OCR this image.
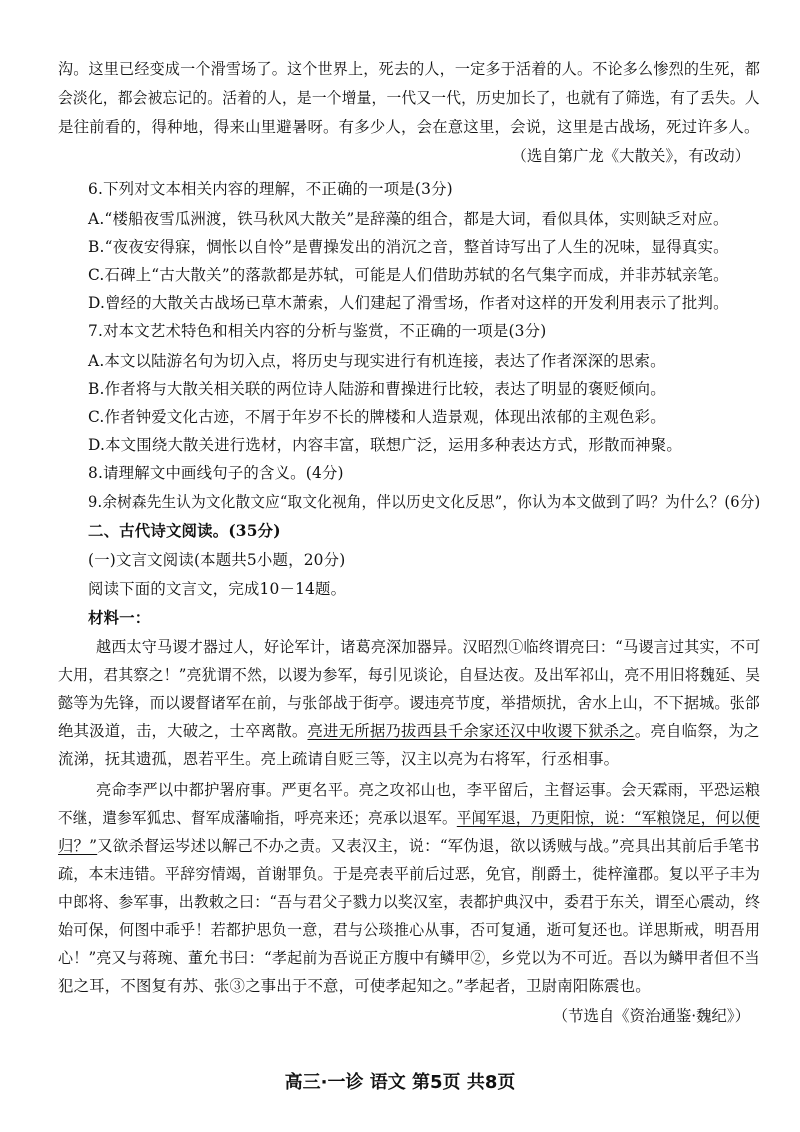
沟。这里已经变成一个滑雪场了。这个世界上，死去的人，一定多于活着的人。不论多么惨烈的生死，都
会淡化，都会被忘记的。活着的人，是一个增量，一代又一代，历史加长了，也就有了筛选，有了丢失。人
是往前看的，得种地，得来山里避暑呀。有多少人，会在意这里，会说，这里是古战场，死过许多人。
（选自第广龙《大散关》，有改动）
6.下列对文本相关内容的理解，不正确的一项是(3分)
A.“楼船夜雪瓜洲渡，铁马秋风大散关”是辞藻的组合，都是大词，看似具体，实则缺乏对应。
B.“夜夜安得寐，惆怅以自怜”是曹操发出的消沉之音，整首诗写出了人生的况味，显得真实。
C.石碑上“古大散关”的落款都是苏轼，可能是人们借助苏轼的名气集字而成，并非苏轼亲笔。
D.曾经的大散关古战场已草木萧索，人们建起了滑雪场，作者对这样的开发利用表示了批判。
7.对本文艺术特色和相关内容的分析与鉴赏，不正确的一项是(3分)
A.本文以陆游名句为切入点，将历史与现实进行有机连接，表达了作者深深的思索。
B.作者将与大散关相关联的两位诗人陆游和曹操进行比较，表达了明显的褒贬倾向。
C.作者钟爱文化古迹，不屑于年岁不长的牌楼和人造景观，体现出浓郁的主观色彩。
D.本文围绕大散关进行选材，内容丰富，联想广泛，运用多种表达方式，形散而神聚。
8.请理解文中画线句子的含义。(4分)
9.余树森先生认为文化散文应“取文化视角，伴以历史文化反思”，你认为本文做到了吗？为什么？(6分)
二、古代诗文阅读。(35分)
(一)文言文阅读(本题共5小题，20分)
阅读下面的文言文，完成10－14题。
材料一：
越西太守马谡才器过人，好论军计，诸葛亮深加器异。汉昭烈①临终谓亮曰：“马谡言过其实，不可
大用，君其察之！”亮犹谓不然，以谡为参军，每引见谈论，自昼达夜。及出军祁山，亮不用旧将魏延、吴
懿等为先锋，而以谡督诸军在前，与张郃战于街亭。谡违亮节度，举措烦扰，舍水上山，不下据城。张郃
绝其汲道，击，大破之，士卒离散。亮进无所据乃拔西县千余家还汉中收谡下狱杀之。亮自临祭，为之
流涕，抚其遗孤，恩若平生。亮上疏请自贬三等，汉主以亮为右将军，行丞相事。
亮命李严以中都护署府事。严更名平。亮之攻祁山也，李平留后，主督运事。会天霖雨，平恐运粮
不继，遣参军狐忠、督军成藩喻指，呼亮来还；亮承以退军。平闻军退，乃更阳惊，说：“军粮饶足，何以便
归？”又欲杀督运岑述以解己不办之责。又表汉主，说：“军伪退，欲以诱贼与战。”亮具出其前后手笔书
疏，本末违错。平辞穷情竭，首谢罪负。于是亮表平前后过恶，免官，削爵土，徙梓潼郡。复以平子丰为
中郎将、参军事，出教敕之曰：“吾与君父子戮力以奖汉室，表都护典汉中，委君于东关，谓至心震动，终
始可保，何图中乖乎！若都护思负一意，君与公琰推心从事，否可复通，逝可复还也。详思斯戒，明吾用
心！”亮又与蒋琬、董允书曰：“孝起前为吾说正方腹中有鳞甲②，乡党以为不可近。吾以为鳞甲者但不当
犯之耳，不图复有苏、张③之事出于不意，可使孝起知之。”孝起者，卫尉南阳陈震也。
（节选自《资治通鉴·魏纪》）
高三·一诊 语文 第5页 共8页
